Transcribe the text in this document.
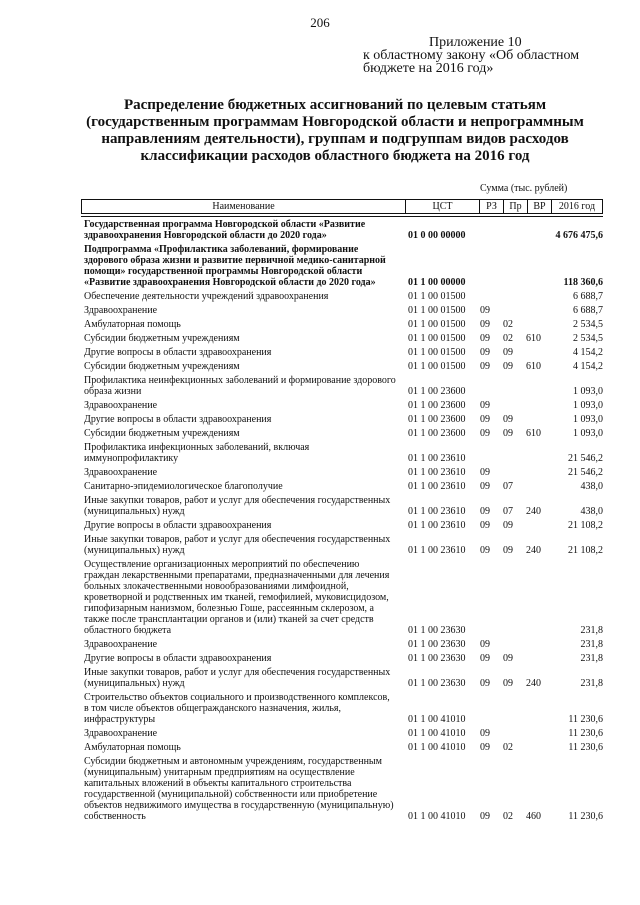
206
Приложение 10
к областному закону «Об областном
бюджете на 2016 год»
Распределение бюджетных ассигнований по целевым статьям
(государственным программам Новгородской области и непрограммным
направлениям деятельности), группам и подгруппам видов расходов
классификации расходов областного бюджета на 2016 год
Сумма (тыс. рублей)
Наименование	ЦСТ	РЗ	Пр	ВР	2016 год
Государственная программа Новгородской области «Развитие здравоохранения Новгородской области до 2020 года»	01 0 00 00000	4 676 475,6
Подпрограмма «Профилактика заболеваний, формирование здорового образа жизни и развитие первичной медико-санитарной помощи» государственной программы Новгородской области «Развитие здравоохранения Новгородской области до 2020 года»	01 1 00 00000	118 360,6
Обеспечение деятельности учреждений здравоохранения	01 1 00 01500	6 688,7
Здравоохранение	01 1 00 01500	09	6 688,7
Амбулаторная помощь	01 1 00 01500	09	02	2 534,5
Субсидии бюджетным учреждениям	01 1 00 01500	09	02	610	2 534,5
Другие вопросы в области здравоохранения	01 1 00 01500	09	09	4 154,2
Субсидии бюджетным учреждениям	01 1 00 01500	09	09	610	4 154,2
Профилактика неинфекционных заболеваний и формирование здорового образа жизни	01 1 00 23600	1 093,0
Здравоохранение	01 1 00 23600	09	1 093,0
Другие вопросы в области здравоохранения	01 1 00 23600	09	09	1 093,0
Субсидии бюджетным учреждениям	01 1 00 23600	09	09	610	1 093,0
Профилактика инфекционных заболеваний, включая иммунопрофилактику	01 1 00 23610	21 546,2
Здравоохранение	01 1 00 23610	09	21 546,2
Санитарно-эпидемиологическое благополучие	01 1 00 23610	09	07	438,0
Иные закупки товаров, работ и услуг для обеспечения государственных (муниципальных) нужд	01 1 00 23610	09	07	240	438,0
Другие вопросы в области здравоохранения	01 1 00 23610	09	09	21 108,2
Иные закупки товаров, работ и услуг для обеспечения государственных (муниципальных) нужд	01 1 00 23610	09	09	240	21 108,2
Осуществление организационных мероприятий по обеспечению граждан лекарственными препаратами, предназначенными для лечения больных злокачественными новообразованиями лимфоидной, кроветворной и родственных им тканей, гемофилией, муковисцидозом, гипофизарным нанизмом, болезнью Гоше, рассеянным склерозом, а также после трансплантации органов и (или) тканей за счет средств областного бюджета	01 1 00 23630	231,8
Здравоохранение	01 1 00 23630	09	231,8
Другие вопросы в области здравоохранения	01 1 00 23630	09	09	231,8
Иные закупки товаров, работ и услуг для обеспечения государственных (муниципальных) нужд	01 1 00 23630	09	09	240	231,8
Строительство объектов социального и производственного комплексов, в том числе объектов общегражданского назначения, жилья, инфраструктуры	01 1 00 41010	11 230,6
Здравоохранение	01 1 00 41010	09	11 230,6
Амбулаторная помощь	01 1 00 41010	09	02	11 230,6
Субсидии бюджетным и автономным учреждениям, государственным (муниципальным) унитарным предприятиям на осуществление капитальных вложений в объекты капитального строительства государственной (муниципальной) собственности или приобретение объектов недвижимого имущества в государственную (муниципальную) собственность	01 1 00 41010	09	02	460	11 230,6
